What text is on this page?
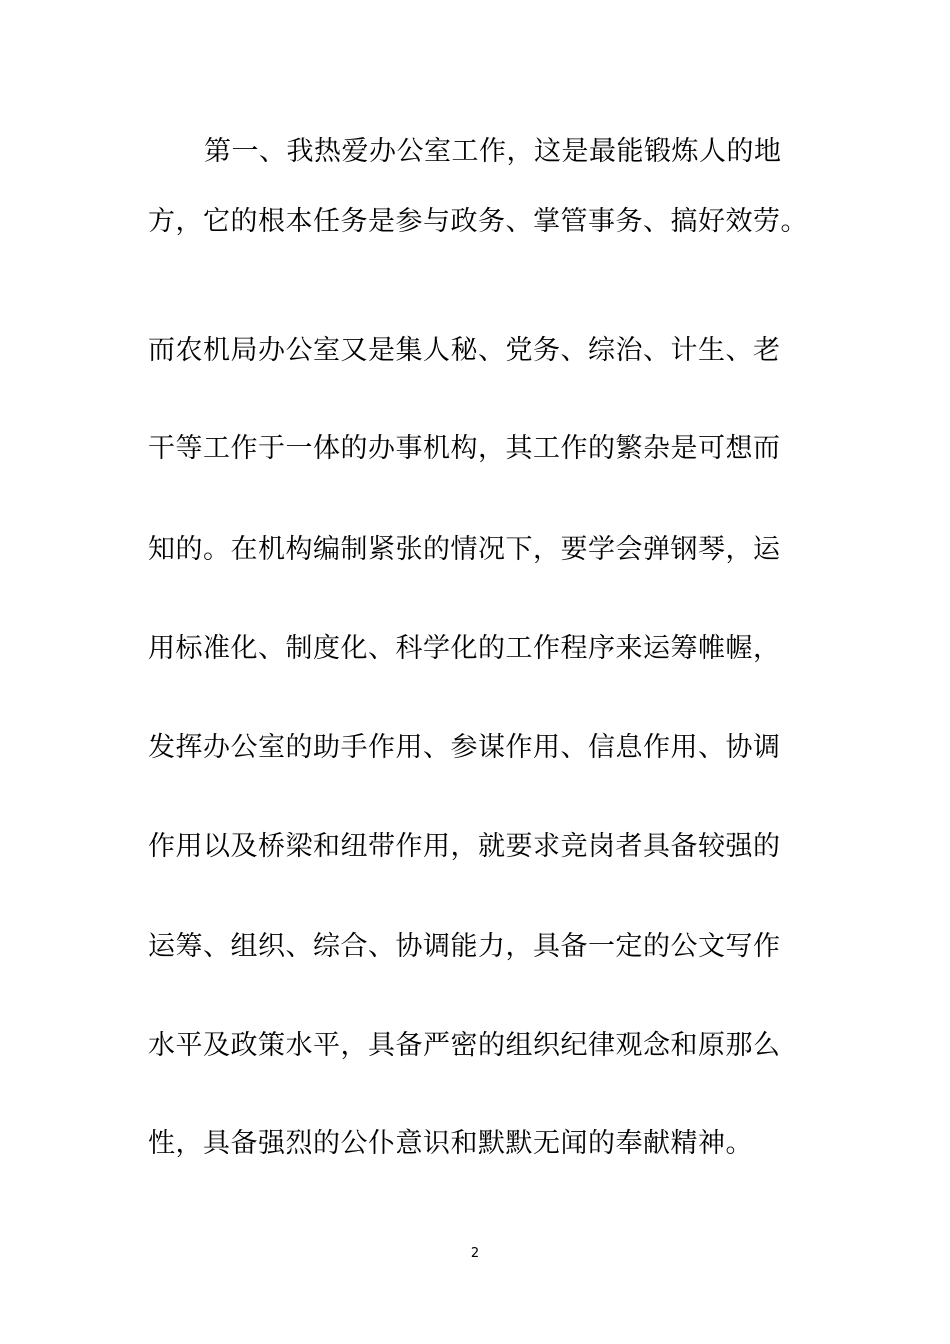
第一、我热爱办公室工作，这是最能锻炼人的地
方，它的根本任务是参与政务、掌管事务、搞好效劳。
而农机局办公室又是集人秘、党务、综治、计生、老
干等工作于一体的办事机构，其工作的繁杂是可想而
知的。在机构编制紧张的情况下，要学会弹钢琴，运
用标准化、制度化、科学化的工作程序来运筹帷幄，
发挥办公室的助手作用、参谋作用、信息作用、协调
作用以及桥梁和纽带作用，就要求竞岗者具备较强的
运筹、组织、综合、协调能力，具备一定的公文写作
水平及政策水平，具备严密的组织纪律观念和原那么
性，具备强烈的公仆意识和默默无闻的奉献精神。
2
